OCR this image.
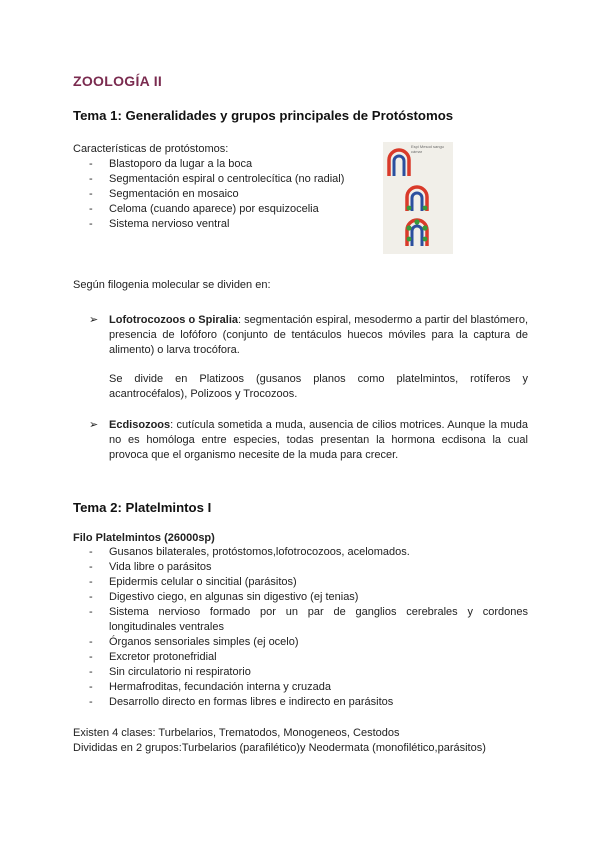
ZOOLOGÍA II
Tema 1: Generalidades y grupos principales de Protóstomos

Características de protóstomos:

- Blastoporo da lugar a la boca
- Segmentación espiral o centrolecítica (no radial)
- Segmentación en mosaico
- Celoma (cuando aparece) por esquizocelia
- Sistema nervioso ventral
Espi Mesod sangu cámar

Según filogenia molecular se dividen en:

➢ Lofotrocozoos o Spiralia: segmentación espiral, mesodermo a partir del blastómero, presencia de lofóforo (conjunto de tentáculos huecos móviles para la captura de alimento) o larva trocófora.

Se divide en Platizoos (gusanos planos como platelmintos, rotíferos y acantrocéfalos), Polizoos y Trocozoos.

➢ Ecdisozoos: cutícula sometida a muda, ausencia de cilios motrices. Aunque la muda no es homóloga entre especies, todas presentan la hormona ecdisona la cual provoca que el organismo necesite de la muda para crecer.

Tema 2: Platelmintos I

Filo Platelmintos (26000sp)

- Gusanos bilaterales, protóstomos,lofotrocozoos, acelomados.
- Vida libre o parásitos
- Epidermis celular o sincitial (parásitos)
- Digestivo ciego, en algunas sin digestivo (ej tenias)
- Sistema nervioso formado por un par de ganglios cerebrales y cordones longitudinales ventrales
- Órganos sensoriales simples (ej ocelo)
- Excretor protonefridial
- Sin circulatorio ni respiratorio
- Hermafroditas, fecundación interna y cruzada
- Desarrollo directo en formas libres e indirecto en parásitos

Existen 4 clases: Turbelarios, Trematodos, Monogeneos, Cestodos

Divididas en 2 grupos:Turbelarios (parafilético)y Neodermata (monofilético,parásitos)
